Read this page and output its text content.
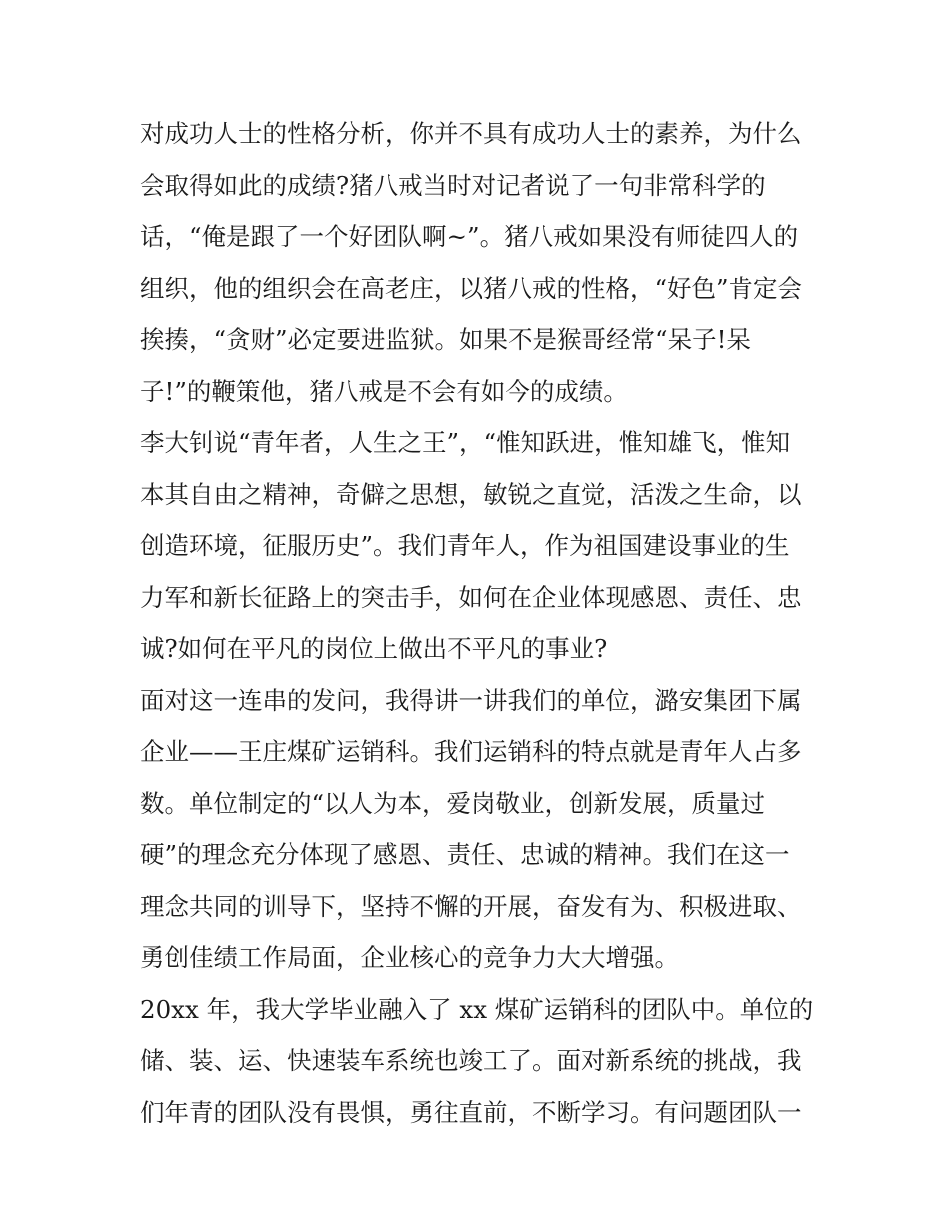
对成功人士的性格分析，你并不具有成功人士的素养，为什么
会取得如此的成绩?猪八戒当时对记者说了一句非常科学的
话，“俺是跟了一个好团队啊~”。猪八戒如果没有师徒四人的
组织，他的组织会在高老庄，以猪八戒的性格，“好色”肯定会
挨揍，“贪财”必定要进监狱。如果不是猴哥经常“呆子!呆
子!”的鞭策他，猪八戒是不会有如今的成绩。
李大钊说“青年者，人生之王”，“惟知跃进，惟知雄飞，惟知
本其自由之精神，奇僻之思想，敏锐之直觉，活泼之生命，以
创造环境，征服历史”。我们青年人，作为祖国建设事业的生
力军和新长征路上的突击手，如何在企业体现感恩、责任、忠
诚?如何在平凡的岗位上做出不平凡的事业?
面对这一连串的发问，我得讲一讲我们的单位，潞安集团下属
企业——王庄煤矿运销科。我们运销科的特点就是青年人占多
数。单位制定的“以人为本，爱岗敬业，创新发展，质量过
硬”的理念充分体现了感恩、责任、忠诚的精神。我们在这一
理念共同的训导下，坚持不懈的开展，奋发有为、积极进取、
勇创佳绩工作局面，企业核心的竞争力大大增强。
20xx 年，我大学毕业融入了 xx 煤矿运销科的团队中。单位的
储、装、运、快速装车系统也竣工了。面对新系统的挑战，我
们年青的团队没有畏惧，勇往直前，不断学习。有问题团队一
